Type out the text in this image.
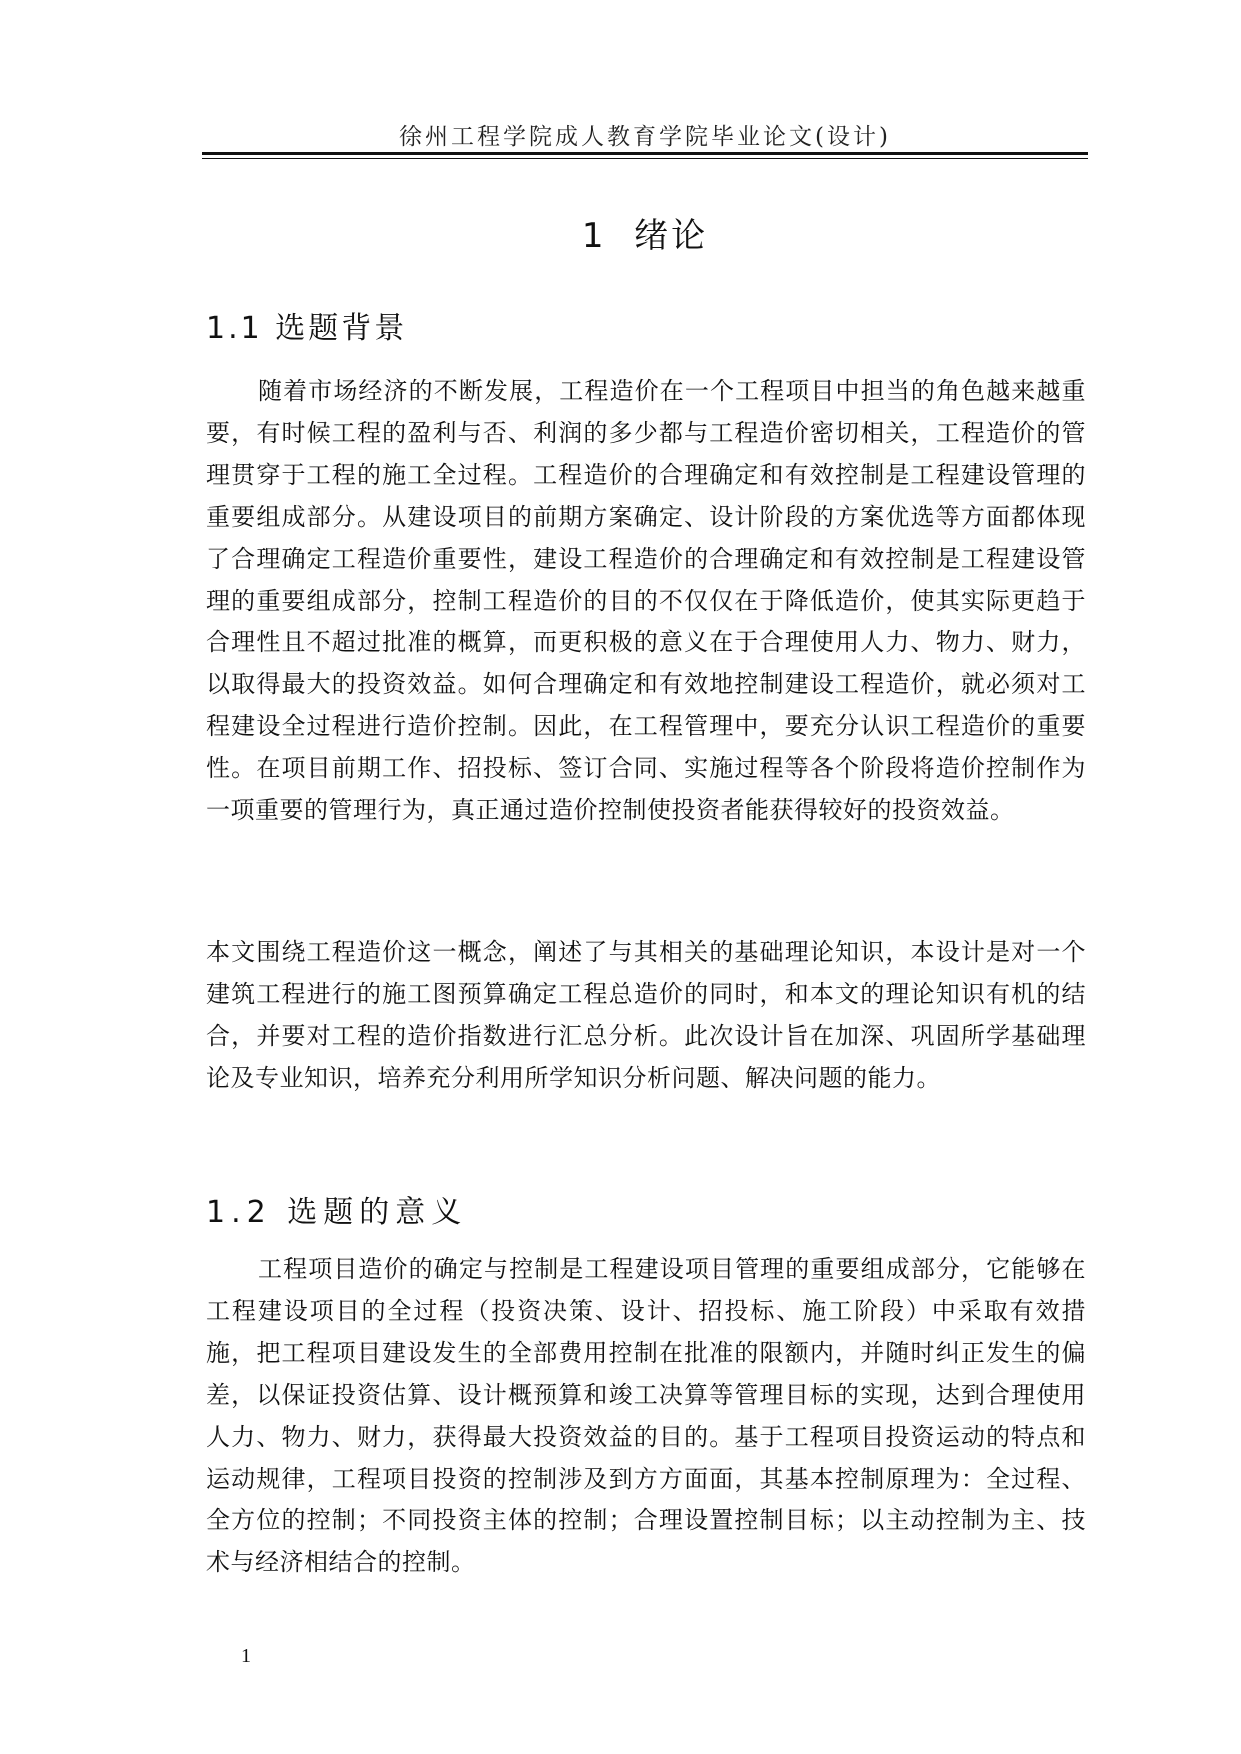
徐州工程学院成人教育学院毕业论文(设计)
1  绪论
1.1 选题背景

随着市场经济的不断发展，工程造价在一个工程项目中担当的角色越来越重要，有时候工程的盈利与否、利润的多少都与工程造价密切相关，工程造价的管理贯穿于工程的施工全过程。工程造价的合理确定和有效控制是工程建设管理的重要组成部分。从建设项目的前期方案确定、设计阶段的方案优选等方面都体现了合理确定工程造价重要性，建设工程造价的合理确定和有效控制是工程建设管理的重要组成部分，控制工程造价的目的不仅仅在于降低造价，使其实际更趋于合理性且不超过批准的概算，而更积极的意义在于合理使用人力、物力、财力，以取得最大的投资效益。如何合理确定和有效地控制建设工程造价，就必须对工程建设全过程进行造价控制。因此，在工程管理中，要充分认识工程造价的重要性。在项目前期工作、招投标、签订合同、实施过程等各个阶段将造价控制作为一项重要的管理行为，真正通过造价控制使投资者能获得较好的投资效益。

本文围绕工程造价这一概念，阐述了与其相关的基础理论知识，本设计是对一个建筑工程进行的施工图预算确定工程总造价的同时，和本文的理论知识有机的结合，并要对工程的造价指数进行汇总分析。此次设计旨在加深、巩固所学基础理论及专业知识，培养充分利用所学知识分析问题、解决问题的能力。

1.2 选题的意义

工程项目造价的确定与控制是工程建设项目管理的重要组成部分，它能够在工程建设项目的全过程（投资决策、设计、招投标、施工阶段）中采取有效措施，把工程项目建设发生的全部费用控制在批准的限额内，并随时纠正发生的偏差，以保证投资估算、设计概预算和竣工决算等管理目标的实现，达到合理使用人力、物力、财力，获得最大投资效益的目的。基于工程项目投资运动的特点和运动规律，工程项目投资的控制涉及到方方面面，其基本控制原理为：全过程、全方位的控制；不同投资主体的控制；合理设置控制目标；以主动控制为主、技术与经济相结合的控制。

1
